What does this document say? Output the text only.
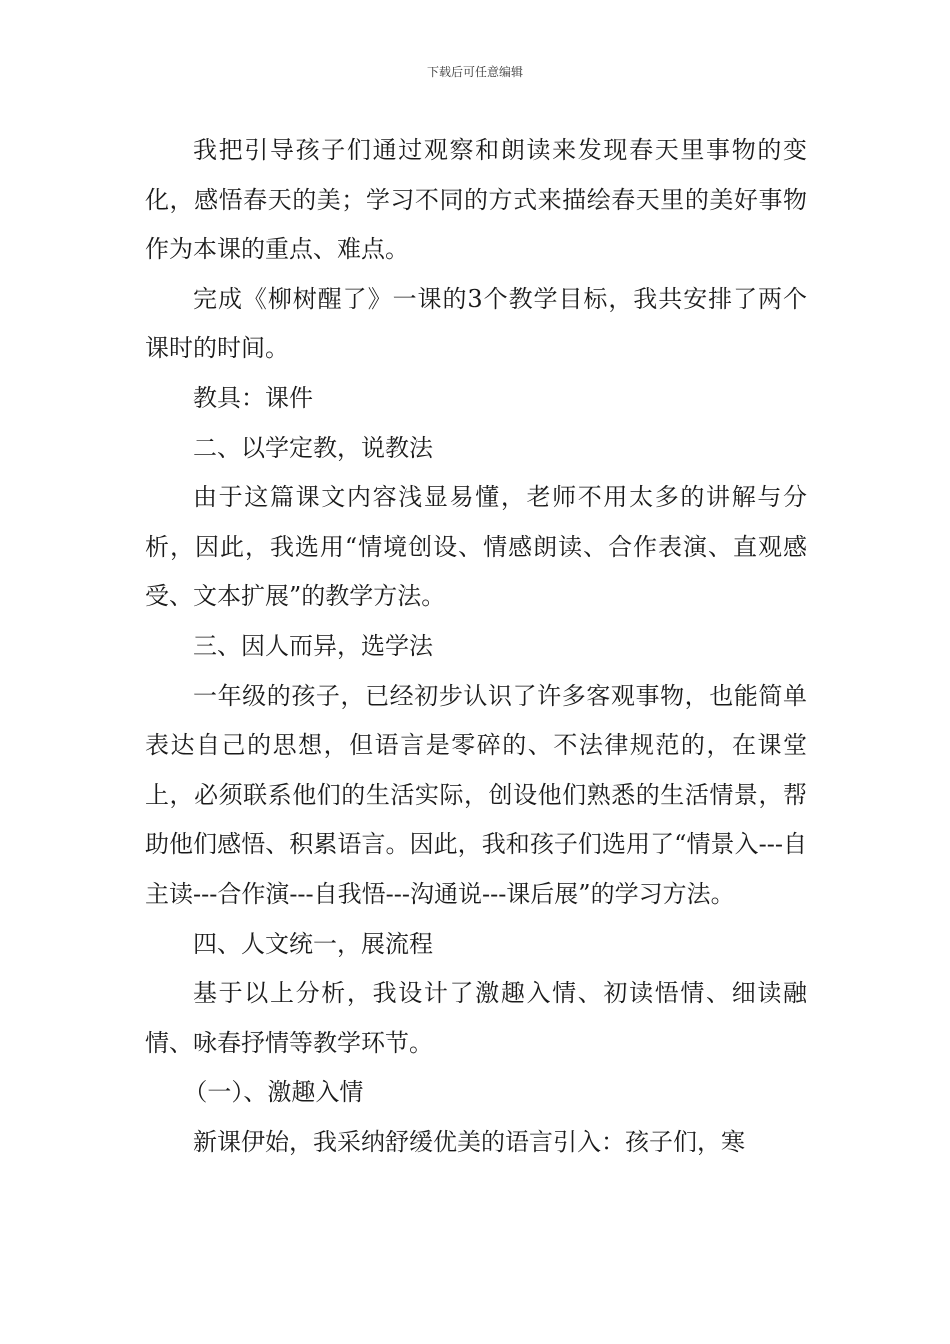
下载后可任意编辑

我把引导孩子们通过观察和朗读来发现春天里事物的变化，感悟春天的美；学习不同的方式来描绘春天里的美好事物作为本课的重点、难点。

完成《柳树醒了》一课的3个教学目标，我共安排了两个课时的时间。

教具：课件

二、以学定教，说教法

由于这篇课文内容浅显易懂，老师不用太多的讲解与分析，因此，我选用“情境创设、情感朗读、合作表演、直观感受、文本扩展”的教学方法。

三、因人而异，选学法

一年级的孩子，已经初步认识了许多客观事物，也能简单表达自己的思想，但语言是零碎的、不法律规范的，在课堂上，必须联系他们的生活实际，创设他们熟悉的生活情景，帮助他们感悟、积累语言。因此，我和孩子们选用了“情景入---自主读---合作演---自我悟---沟通说---课后展”的学习方法。

四、人文统一，展流程

基于以上分析，我设计了激趣入情、初读悟情、细读融情、咏春抒情等教学环节。

（一）、激趣入情

新课伊始，我采纳舒缓优美的语言引入：孩子们，寒
